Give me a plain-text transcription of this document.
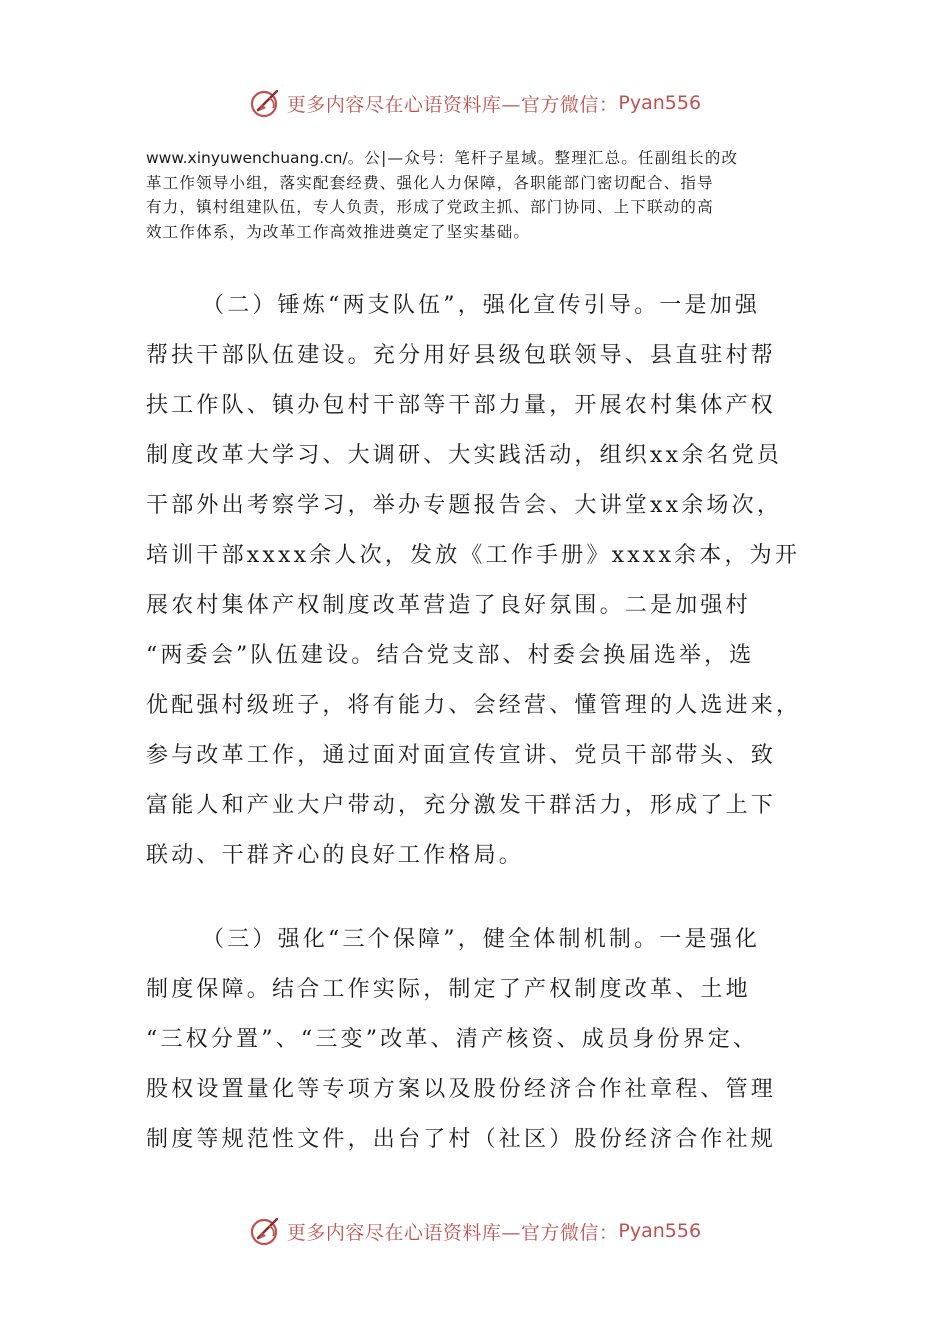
更多内容尽在心语资料库—官方微信： Pyan556
www.xinyuwenchuang.cn/。公|—众号：笔杆子星域。整理汇总。任副组长的改
革工作领导小组，落实配套经费、强化人力保障，各职能部门密切配合、指导
有力，镇村组建队伍，专人负责，形成了党政主抓、部门协同、上下联动的高
效工作体系，为改革工作高效推进奠定了坚实基础。
（二）锤炼“两支队伍”，强化宣传引导。一是加强
帮扶干部队伍建设。充分用好县级包联领导、县直驻村帮
扶工作队、镇办包村干部等干部力量，开展农村集体产权
制度改革大学习、大调研、大实践活动，组织xx余名党员
干部外出考察学习，举办专题报告会、大讲堂xx余场次，
培训干部xxxx余人次，发放《工作手册》xxxx余本，为开
展农村集体产权制度改革营造了良好氛围。二是加强村
“两委会”队伍建设。结合党支部、村委会换届选举，选
优配强村级班子，将有能力、会经营、懂管理的人选进来，
参与改革工作，通过面对面宣传宣讲、党员干部带头、致
富能人和产业大户带动，充分激发干群活力，形成了上下
联动、干群齐心的良好工作格局。
（三）强化“三个保障”，健全体制机制。一是强化
制度保障。结合工作实际，制定了产权制度改革、土地
“三权分置”、“三变”改革、清产核资、成员身份界定、
股权设置量化等专项方案以及股份经济合作社章程、管理
制度等规范性文件，出台了村（社区）股份经济合作社规
更多内容尽在心语资料库—官方微信： Pyan556
